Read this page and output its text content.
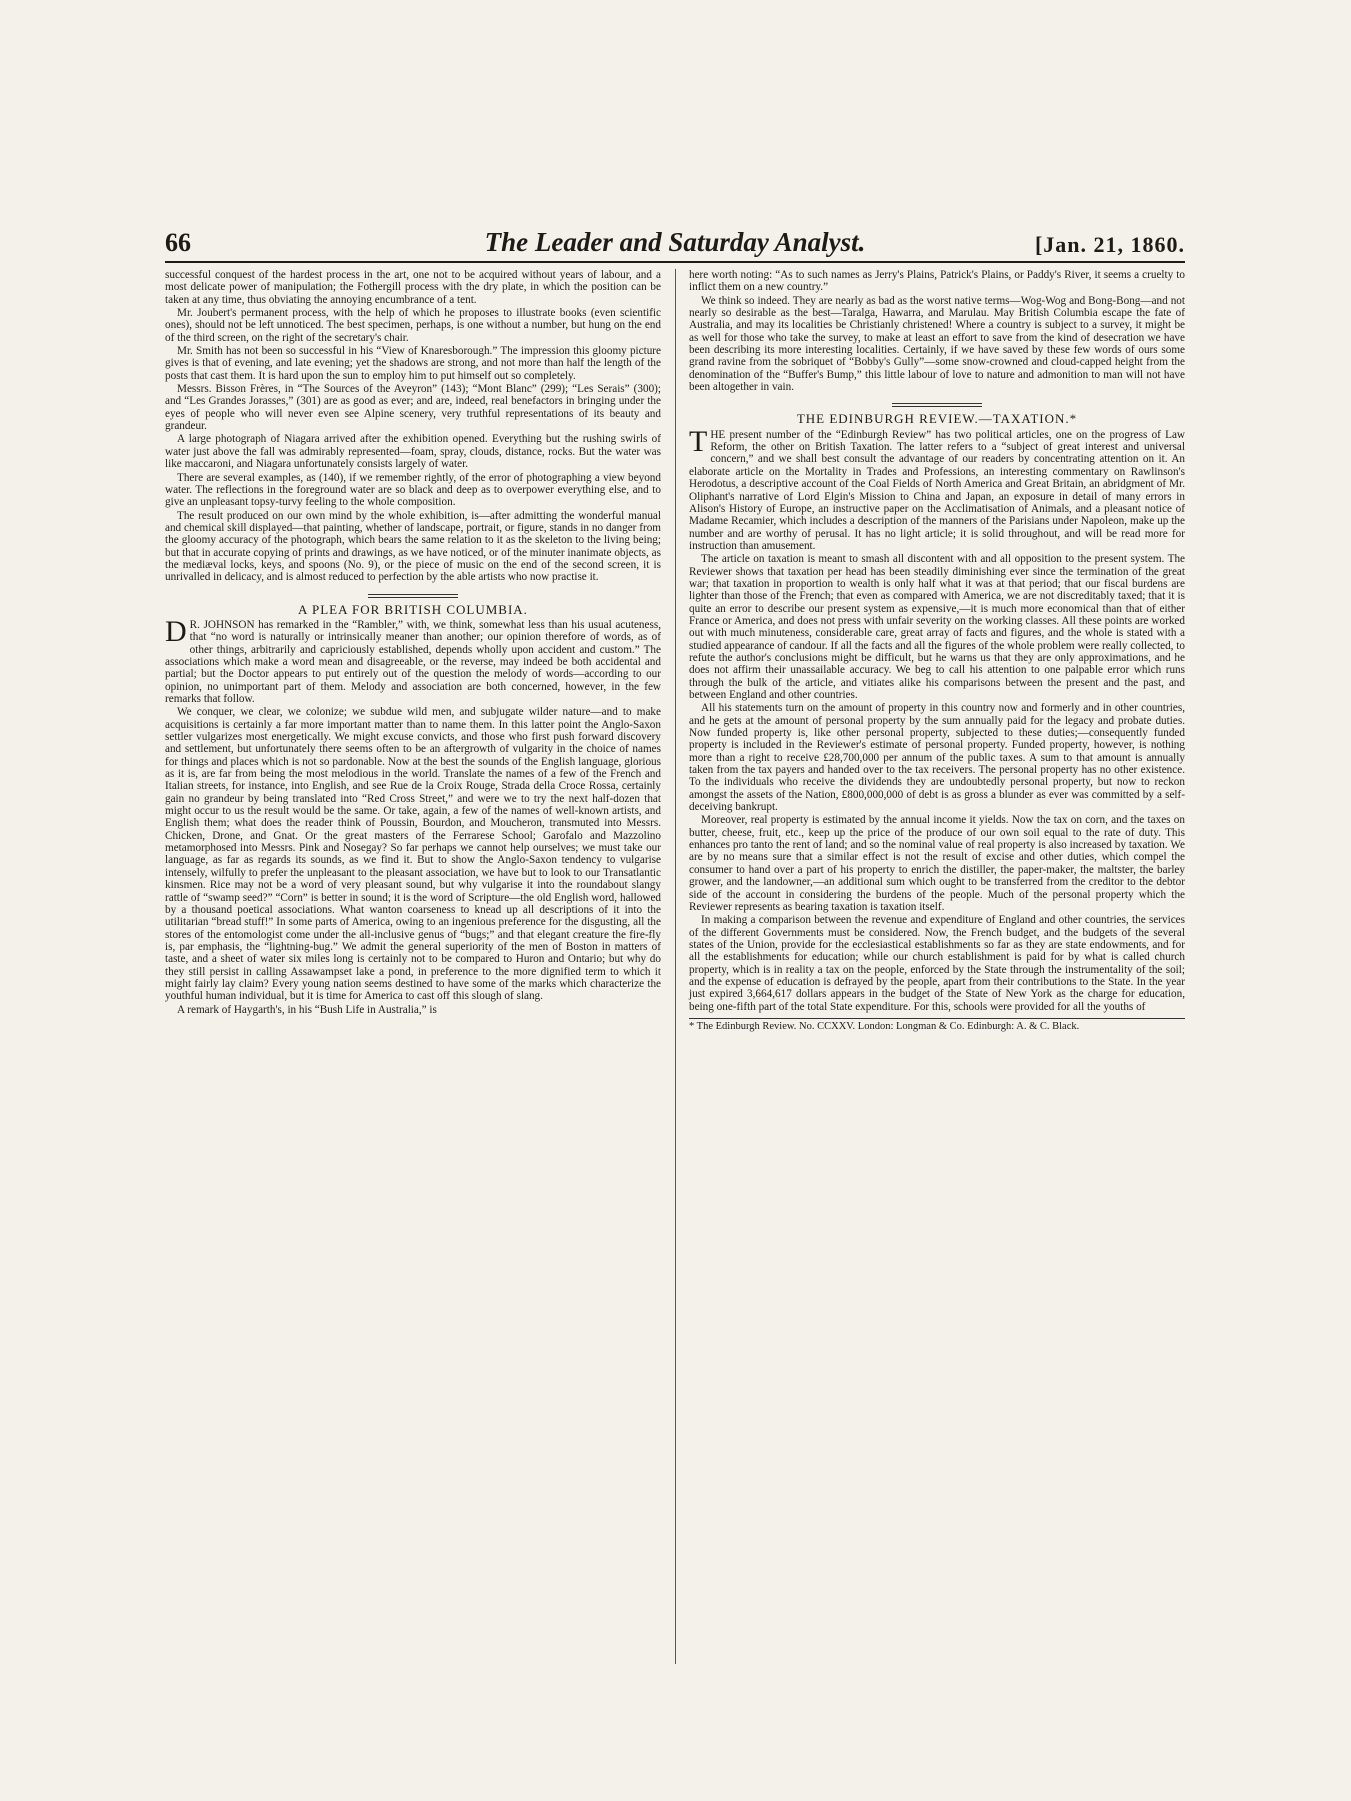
66	The Leader and Saturday Analyst.	[Jan. 21, 1860.

successful conquest of the hardest process in the art, one not to be acquired without years of labour, and a most delicate power of manipulation; the Fothergill process with the dry plate, in which the position can be taken at any time, thus obviating the annoying encumbrance of a tent.

Mr. Joubert's permanent process, with the help of which he proposes to illustrate books (even scientific ones), should not be left unnoticed. The best specimen, perhaps, is one without a number, but hung on the end of the third screen, on the right of the secretary's chair.

Mr. Smith has not been so successful in his “View of Knaresborough.” The impression this gloomy picture gives is that of evening, and late evening; yet the shadows are strong, and not more than half the length of the posts that cast them. It is hard upon the sun to employ him to put himself out so completely.

Messrs. Bisson Frères, in “The Sources of the Aveyron” (143); “Mont Blanc” (299); “Les Serais” (300); and “Les Grandes Jorasses,” (301) are as good as ever; and are, indeed, real benefactors in bringing under the eyes of people who will never even see Alpine scenery, very truthful representations of its beauty and grandeur.

A large photograph of Niagara arrived after the exhibition opened. Everything but the rushing swirls of water just above the fall was admirably represented—foam, spray, clouds, distance, rocks. But the water was like maccaroni, and Niagara unfortunately consists largely of water.

There are several examples, as (140), if we remember rightly, of the error of photographing a view beyond water. The reflections in the foreground water are so black and deep as to overpower everything else, and to give an unpleasant topsy-turvy feeling to the whole composition.

The result produced on our own mind by the whole exhibition, is—after admitting the wonderful manual and chemical skill displayed—that painting, whether of landscape, portrait, or figure, stands in no danger from the gloomy accuracy of the photograph, which bears the same relation to it as the skeleton to the living being; but that in accurate copying of prints and drawings, as we have noticed, or of the minuter inanimate objects, as the mediæval locks, keys, and spoons (No. 9), or the piece of music on the end of the second screen, it is unrivalled in delicacy, and is almost reduced to perfection by the able artists who now practise it.

A PLEA FOR BRITISH COLUMBIA.

D R. JOHNSON has remarked in the “Rambler,” with, we think, somewhat less than his usual acuteness, that “no word is naturally or intrinsically meaner than another; our opinion therefore of words, as of other things, arbitrarily and capriciously established, depends wholly upon accident and custom.” The associations which make a word mean and disagreeable, or the reverse, may indeed be both accidental and partial; but the Doctor appears to put entirely out of the question the melody of words—according to our opinion, no unimportant part of them. Melody and association are both concerned, however, in the few remarks that follow.

We conquer, we clear, we colonize; we subdue wild men, and subjugate wilder nature—and to make acquisitions is certainly a far more important matter than to name them. In this latter point the Anglo-Saxon settler vulgarizes most energetically. We might excuse convicts, and those who first push forward discovery and settlement, but unfortunately there seems often to be an aftergrowth of vulgarity in the choice of names for things and places which is not so pardonable. Now at the best the sounds of the English language, glorious as it is, are far from being the most melodious in the world. Translate the names of a few of the French and Italian streets, for instance, into English, and see Rue de la Croix Rouge, Strada della Croce Rossa, certainly gain no grandeur by being translated into “Red Cross Street,” and were we to try the next half-dozen that might occur to us the result would be the same. Or take, again, a few of the names of well-known artists, and English them; what does the reader think of Poussin, Bourdon, and Moucheron, transmuted into Messrs. Chicken, Drone, and Gnat. Or the great masters of the Ferrarese School; Garofalo and Mazzolino metamorphosed into Messrs. Pink and Nosegay? So far perhaps we cannot help ourselves; we must take our language, as far as regards its sounds, as we find it. But to show the Anglo-Saxon tendency to vulgarise intensely, wilfully to prefer the unpleasant to the pleasant association, we have but to look to our Transatlantic kinsmen. Rice may not be a word of very pleasant sound, but why vulgarise it into the roundabout slangy rattle of “swamp seed?” “Corn” is better in sound; it is the word of Scripture—the old English word, hallowed by a thousand poetical associations. What wanton coarseness to knead up all descriptions of it into the utilitarian “bread stuff!” In some parts of America, owing to an ingenious preference for the disgusting, all the stores of the entomologist come under the all-inclusive genus of “bugs;” and that elegant creature the fire-fly is, par emphasis, the “lightning-bug.” We admit the general superiority of the men of Boston in matters of taste, and a sheet of water six miles long is certainly not to be compared to Huron and Ontario; but why do they still persist in calling Assawampset lake a pond, in preference to the more dignified term to which it might fairly lay claim? Every young nation seems destined to have some of the marks which characterize the youthful human individual, but it is time for America to cast off this slough of slang.

A remark of Haygarth's, in his “Bush Life in Australia,” is

here worth noting: “As to such names as Jerry's Plains, Patrick's Plains, or Paddy's River, it seems a cruelty to inflict them on a new country.”

We think so indeed. They are nearly as bad as the worst native terms—Wog-Wog and Bong-Bong—and not nearly so desirable as the best—Taralga, Hawarra, and Marulau. May British Columbia escape the fate of Australia, and may its localities be Christianly christened! Where a country is subject to a survey, it might be as well for those who take the survey, to make at least an effort to save from the kind of desecration we have been describing its more interesting localities. Certainly, if we have saved by these few words of ours some grand ravine from the sobriquet of “Bobby's Gully”—some snow-crowned and cloud-capped height from the denomination of the “Buffer's Bump,” this little labour of love to nature and admonition to man will not have been altogether in vain.

THE EDINBURGH REVIEW.—TAXATION.*

THE present number of the “Edinburgh Review” has two political articles, one on the progress of Law Reform, the other on British Taxation. The latter refers to a “subject of great interest and universal concern,” and we shall best consult the advantage of our readers by concentrating attention on it. An elaborate article on the Mortality in Trades and Professions, an interesting commentary on Rawlinson's Herodotus, a descriptive account of the Coal Fields of North America and Great Britain, an abridgment of Mr. Oliphant's narrative of Lord Elgin's Mission to China and Japan, an exposure in detail of many errors in Alison's History of Europe, an instructive paper on the Acclimatisation of Animals, and a pleasant notice of Madame Recamier, which includes a description of the manners of the Parisians under Napoleon, make up the number and are worthy of perusal. It has no light article; it is solid throughout, and will be read more for instruction than amusement.

The article on taxation is meant to smash all discontent with and all opposition to the present system. The Reviewer shows that taxation per head has been steadily diminishing ever since the termination of the great war; that taxation in proportion to wealth is only half what it was at that period; that our fiscal burdens are lighter than those of the French; that even as compared with America, we are not discreditably taxed; that it is quite an error to describe our present system as expensive,—it is much more economical than that of either France or America, and does not press with unfair severity on the working classes. All these points are worked out with much minuteness, considerable care, great array of facts and figures, and the whole is stated with a studied appearance of candour. If all the facts and all the figures of the whole problem were really collected, to refute the author's conclusions might be difficult, but he warns us that they are only approximations, and he does not affirm their unassailable accuracy. We beg to call his attention to one palpable error which runs through the bulk of the article, and vitiates alike his comparisons between the present and the past, and between England and other countries.

All his statements turn on the amount of property in this country now and formerly and in other countries, and he gets at the amount of personal property by the sum annually paid for the legacy and probate duties. Now funded property is, like other personal property, subjected to these duties;—consequently funded property is included in the Reviewer's estimate of personal property. Funded property, however, is nothing more than a right to receive £28,700,000 per annum of the public taxes. A sum to that amount is annually taken from the tax payers and handed over to the tax receivers. The personal property has no other existence. To the individuals who receive the dividends they are undoubtedly personal property, but now to reckon amongst the assets of the Nation, £800,000,000 of debt is as gross a blunder as ever was committed by a self-deceiving bankrupt.

Moreover, real property is estimated by the annual income it yields. Now the tax on corn, and the taxes on butter, cheese, fruit, etc., keep up the price of the produce of our own soil equal to the rate of duty. This enhances pro tanto the rent of land; and so the nominal value of real property is also increased by taxation. We are by no means sure that a similar effect is not the result of excise and other duties, which compel the consumer to hand over a part of his property to enrich the distiller, the paper-maker, the maltster, the barley grower, and the landowner,—an additional sum which ought to be transferred from the creditor to the debtor side of the account in considering the burdens of the people. Much of the personal property which the Reviewer represents as bearing taxation is taxation itself.

In making a comparison between the revenue and expenditure of England and other countries, the services of the different Governments must be considered. Now, the French budget, and the budgets of the several states of the Union, provide for the ecclesiastical establishments so far as they are state endowments, and for all the establishments for education; while our church establishment is paid for by what is called church property, which is in reality a tax on the people, enforced by the State through the instrumentality of the soil; and the expense of education is defrayed by the people, apart from their contributions to the State. In the year just expired 3,664,617 dollars appears in the budget of the State of New York as the charge for education, being one-fifth part of the total State expenditure. For this, schools were provided for all the youths of

* The Edinburgh Review. No. CCXXV. London: Longman & Co. Edinburgh: A. & C. Black.
